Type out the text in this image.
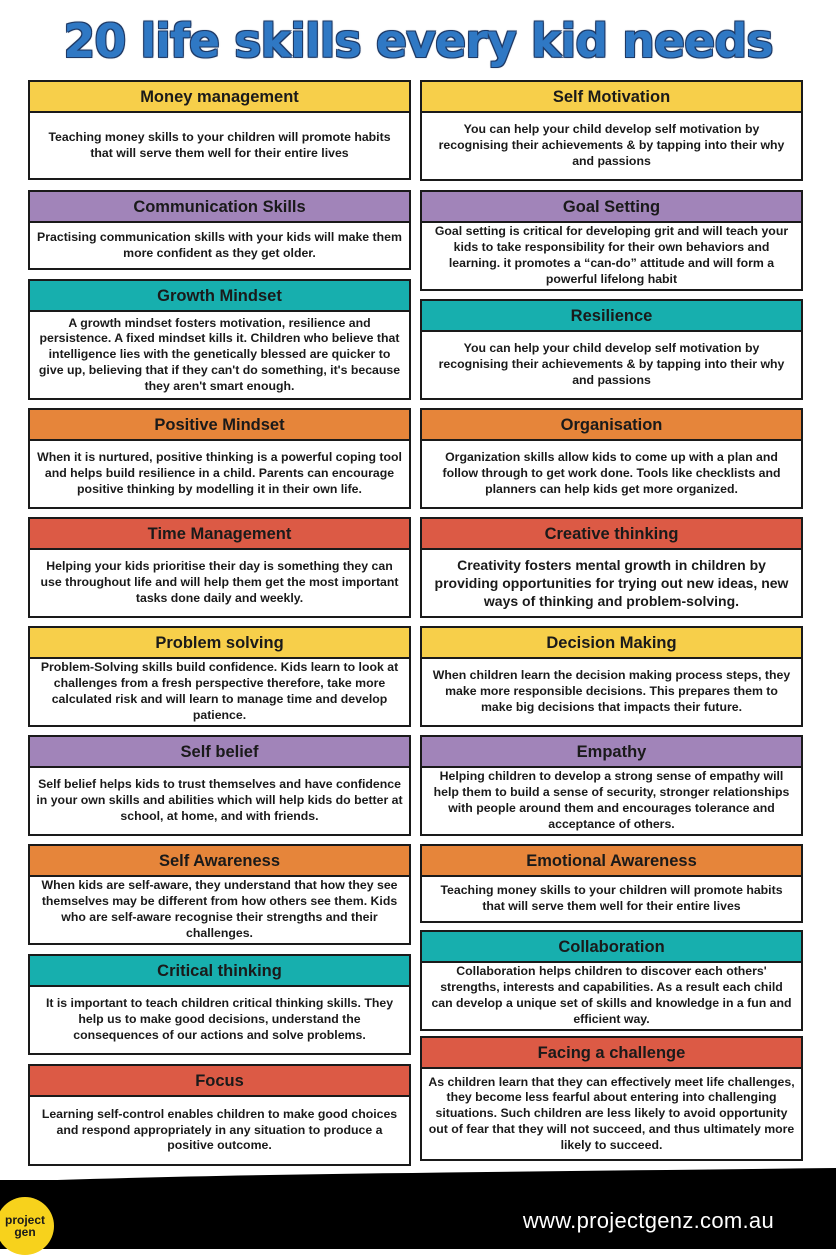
20 life skills every kid needs
Money management
Teaching money skills to your children will promote habits that will serve them well for their entire lives
Communication Skills
Practising communication skills with your kids will make them more confident as they get older.
Growth Mindset
A growth mindset fosters motivation, resilience and persistence. A fixed mindset kills it. Children who believe that intelligence lies with the genetically blessed are quicker to give up, believing that if they can't do something, it's because they aren't smart enough.
Positive Mindset
When it is nurtured, positive thinking is a powerful coping tool and helps build resilience in a child. Parents can encourage positive thinking by modelling it in their own life.
Time Management
Helping your kids prioritise their day is something they can use throughout life and will help them get the most important tasks done daily and weekly.
Problem solving
Problem-Solving skills build confidence. Kids learn to look at challenges from a fresh perspective therefore, take more calculated risk and will learn to manage time and develop patience.
Self belief
Self belief helps kids to trust themselves and have confidence in your own skills and abilities which will help kids do better at school, at home, and with friends.
Self Awareness
When kids are self-aware, they understand that how they see themselves may be different from how others see them. Kids who are self-aware recognise their strengths and their challenges.
Critical thinking
It is important to teach children critical thinking skills. They help us to make good decisions, understand the consequences of our actions and solve problems.
Focus
Learning self-control enables children to make good choices and respond appropriately in any situation to produce a positive outcome.
Self Motivation
You can help your child develop self motivation by recognising their achievements & by tapping into their why and passions
Goal Setting
Goal setting is critical for developing grit and will teach your kids to take responsibility for their own behaviors and learning. it promotes a “can-do” attitude and will form a powerful lifelong habit
Resilience
You can help your child develop self motivation by recognising their achievements & by tapping into their why and passions
Organisation
Organization skills allow kids to come up with a plan and follow through to get work done. Tools like checklists and planners can help kids get more organized.
Creative thinking
Creativity fosters mental growth in children by providing opportunities for trying out new ideas, new ways of thinking and problem-solving.
Decision Making
When children learn the decision making process steps, they make more responsible decisions. This prepares them to make big decisions that impacts their future.
Empathy
Helping children to develop a strong sense of empathy will help them to build a sense of security, stronger relationships with people around them and encourages tolerance and acceptance of others.
Emotional Awareness
Teaching money skills to your children will promote habits that will serve them well for their entire lives
Collaboration
Collaboration helps children to discover each others' strengths, interests and capabilities. As a result each child can develop a unique set of skills and knowledge in a fun and efficient way.
Facing a challenge
As children learn that they can effectively meet life challenges, they become less fearful about entering into challenging situations. Such children are less likely to avoid opportunity out of fear that they will not succeed, and thus ultimately more likely to succeed.
project
gen	www.projectgenz.com.au
